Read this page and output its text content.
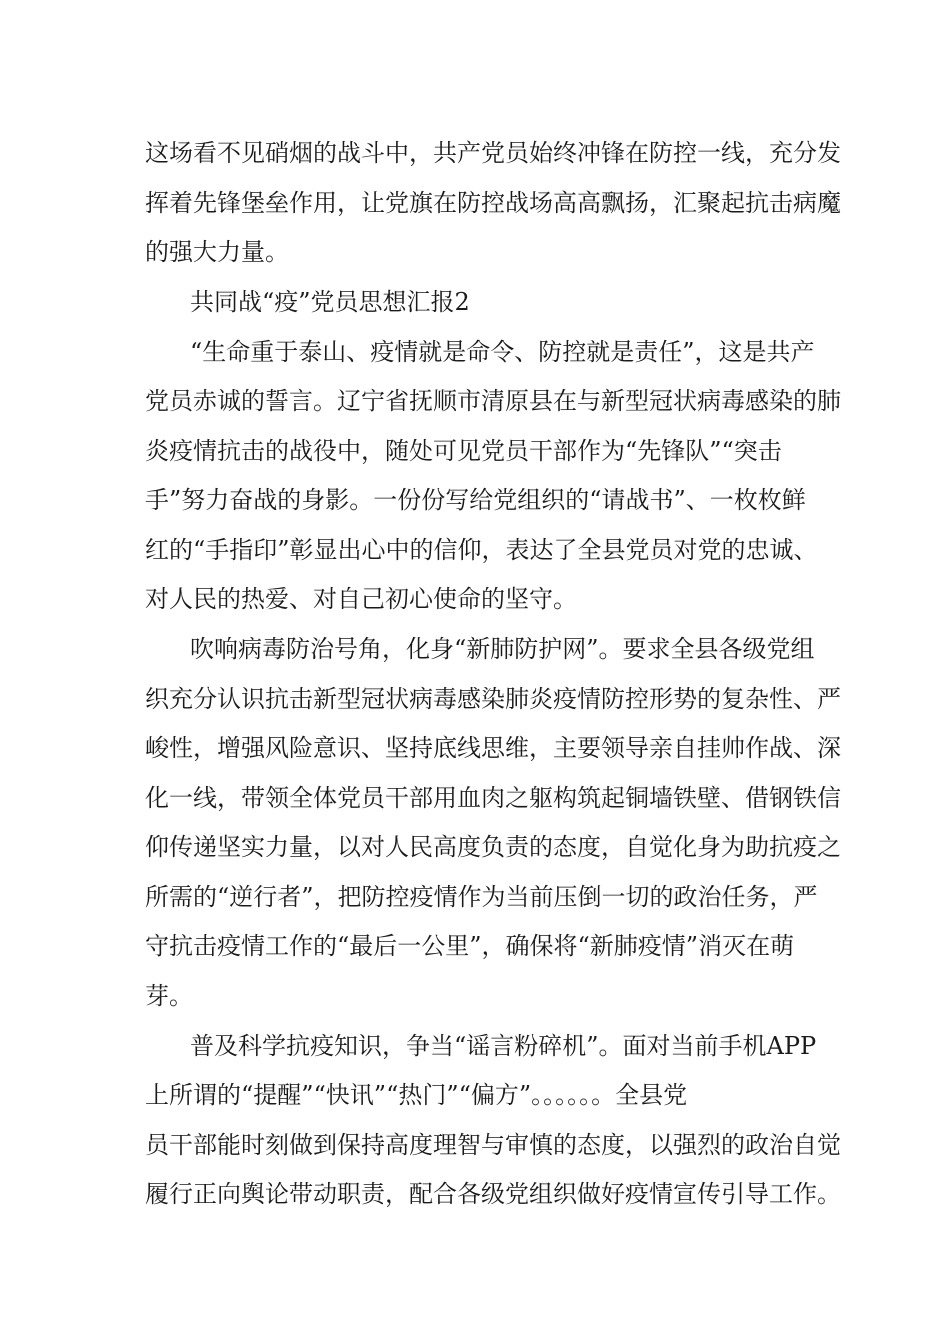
这场看不见硝烟的战斗中，共产党员始终冲锋在防控一线，充分发
挥着先锋堡垒作用，让党旗在防控战场高高飘扬，汇聚起抗击病魔
的强大力量。
共同战“疫”党员思想汇报2
“生命重于泰山、疫情就是命令、防控就是责任”，这是共产
党员赤诚的誓言。辽宁省抚顺市清原县在与新型冠状病毒感染的肺
炎疫情抗击的战役中，随处可见党员干部作为“先锋队”“突击
手”努力奋战的身影。一份份写给党组织的“请战书”、一枚枚鲜
红的“手指印”彰显出心中的信仰，表达了全县党员对党的忠诚、
对人民的热爱、对自己初心使命的坚守。
吹响病毒防治号角，化身“新肺防护网”。要求全县各级党组
织充分认识抗击新型冠状病毒感染肺炎疫情防控形势的复杂性、严
峻性，增强风险意识、坚持底线思维，主要领导亲自挂帅作战、深
化一线，带领全体党员干部用血肉之躯构筑起铜墙铁壁、借钢铁信
仰传递坚实力量，以对人民高度负责的态度，自觉化身为助抗疫之
所需的“逆行者”，把防控疫情作为当前压倒一切的政治任务，严
守抗击疫情工作的“最后一公里”，确保将“新肺疫情”消灭在萌
芽。
普及科学抗疫知识，争当“谣言粉碎机”。面对当前手机APP
上所谓的“提醒”“快讯”“热门”“偏方”。。。。。。全县党
员干部能时刻做到保持高度理智与审慎的态度，以强烈的政治自觉
履行正向舆论带动职责，配合各级党组织做好疫情宣传引导工作。
